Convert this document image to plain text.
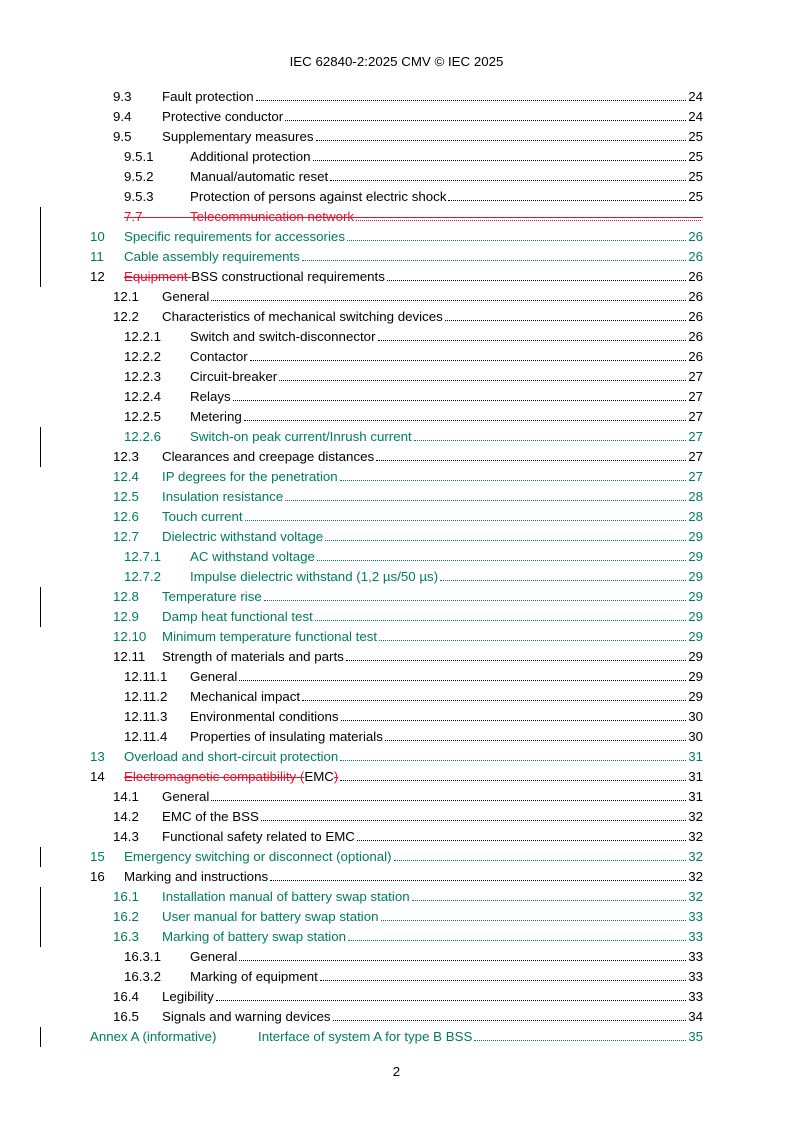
IEC 62840-2:2025 CMV © IEC 2025
9.3	Fault protection	24
9.4	Protective conductor	24
9.5	Supplementary measures	25
9.5.1	Additional protection	25
9.5.2	Manual/automatic reset	25
9.5.3	Protection of persons against electric shock	25
7.7	Telecommunication network
10	Specific requirements for accessories	26
11	Cable assembly requirements	26
12	Equipment BSS constructional requirements	26
12.1	General	26
12.2	Characteristics of mechanical switching devices	26
12.2.1	Switch and switch-disconnector	26
12.2.2	Contactor	26
12.2.3	Circuit-breaker	27
12.2.4	Relays	27
12.2.5	Metering	27
12.2.6	Switch-on peak current/Inrush current	27
12.3	Clearances and creepage distances	27
12.4	IP degrees for the penetration	27
12.5	Insulation resistance	28
12.6	Touch current	28
12.7	Dielectric withstand voltage	29
12.7.1	AC withstand voltage	29
12.7.2	Impulse dielectric withstand (1,2 µs/50 µs)	29
12.8	Temperature rise	29
12.9	Damp heat functional test	29
12.10	Minimum temperature functional test	29
12.11	Strength of materials and parts	29
12.11.1	General	29
12.11.2	Mechanical impact	29
12.11.3	Environmental conditions	30
12.11.4	Properties of insulating materials	30
13	Overload and short-circuit protection	31
14	Electromagnetic compatibility (EMC)	31
14.1	General	31
14.2	EMC of the BSS	32
14.3	Functional safety related to EMC	32
15	Emergency switching or disconnect (optional)	32
16	Marking and instructions	32
16.1	Installation manual of battery swap station	32
16.2	User manual for battery swap station	33
16.3	Marking of battery swap station	33
16.3.1	General	33
16.3.2	Marking of equipment	33
16.4	Legibility	33
16.5	Signals and warning devices	34
Annex A (informative)	Interface of system A for type B BSS	35
2
